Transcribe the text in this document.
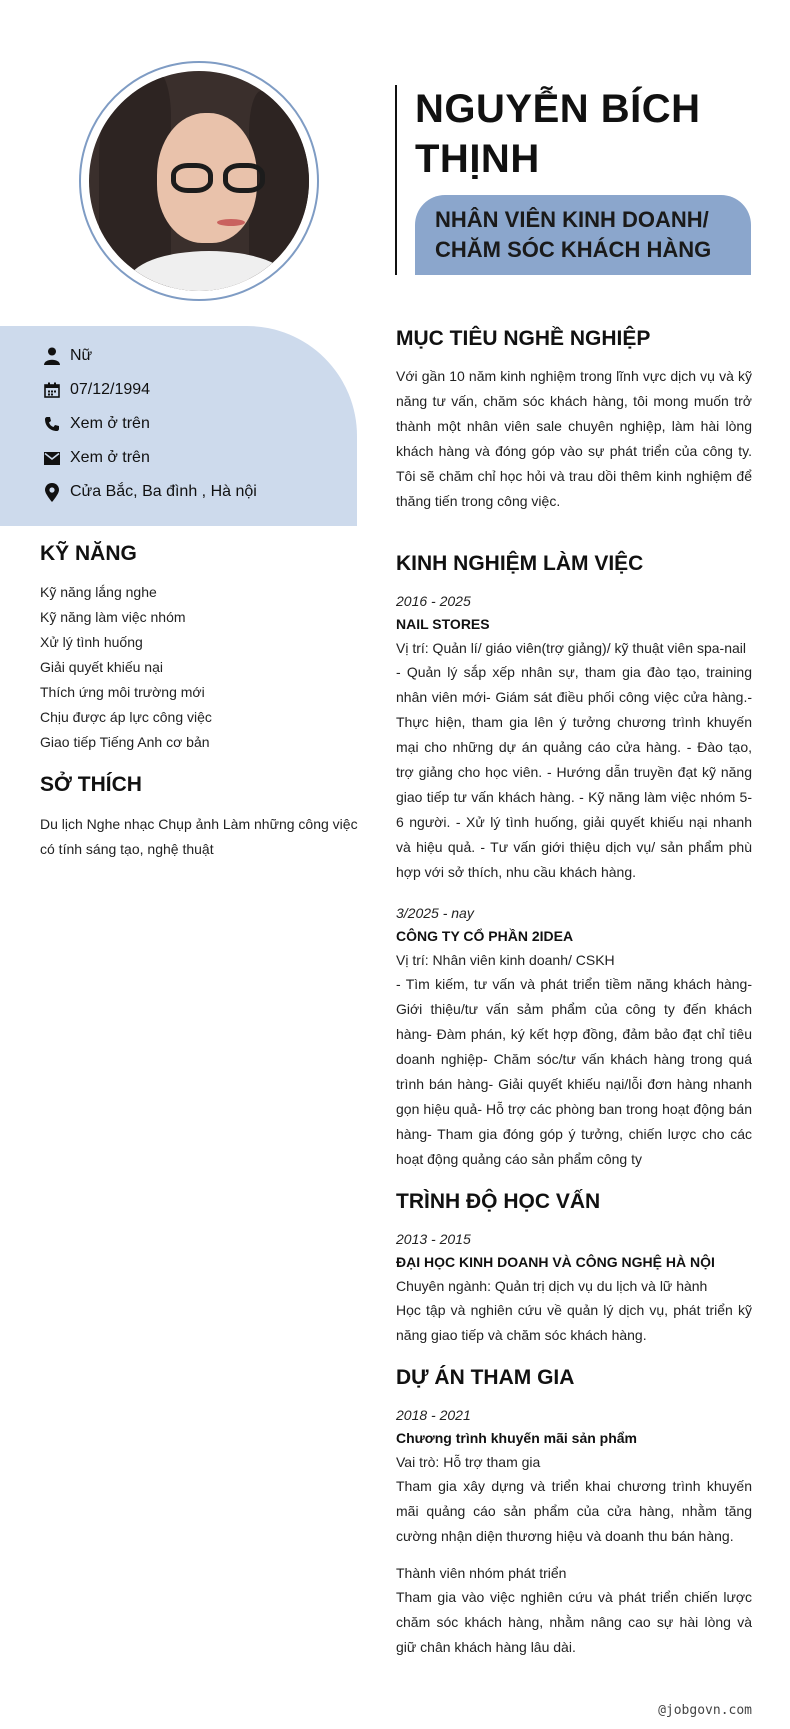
NGUYỄN BÍCH THỊNH
NHÂN VIÊN KINH DOANH/ CHĂM SÓC KHÁCH HÀNG
Nữ
07/12/1994
Xem ở trên
Xem ở trên
Cửa Bắc, Ba đình , Hà nội
KỸ NĂNG
Kỹ năng lắng nghe
Kỹ năng làm việc nhóm
Xử lý tình huống
Giải quyết khiếu nại
Thích ứng môi trường mới
Chịu được áp lực công việc
Giao tiếp Tiếng Anh cơ bản
SỞ THÍCH
Du lịch Nghe nhạc Chụp ảnh Làm những công việc có tính sáng tạo, nghệ thuật
MỤC TIÊU NGHỀ NGHIỆP
Với gần 10 năm kinh nghiệm trong lĩnh vực dịch vụ và kỹ năng tư vấn, chăm sóc khách hàng, tôi mong muốn trở thành một nhân viên sale chuyên nghiệp, làm hài lòng khách hàng và đóng góp vào sự phát triển của công ty. Tôi sẽ chăm chỉ học hỏi và trau dồi thêm kinh nghiệm để thăng tiến trong công việc.
KINH NGHIỆM LÀM VIỆC
2016 - 2025
NAIL STORES
Vị trí: Quản lí/ giáo viên(trợ giảng)/ kỹ thuật viên spa-nail
- Quản lý sắp xếp nhân sự, tham gia đào tạo, training nhân viên mới- Giám sát điều phối công việc cửa hàng.- Thực hiện, tham gia lên ý tưởng chương trình khuyến mại cho những dự án quảng cáo cửa hàng. - Đào tạo, trợ giảng cho học viên. - Hướng dẫn truyền đạt kỹ năng giao tiếp tư vấn khách hàng. - Kỹ năng làm việc nhóm 5-6 người. - Xử lý tình huống, giải quyết khiếu nại nhanh và hiệu quả. - Tư vấn giới thiệu dịch vụ/ sản phẩm phù hợp với sở thích, nhu cầu khách hàng.
3/2025 - nay
CÔNG TY CỔ PHẦN 2IDEA
Vị trí: Nhân viên kinh doanh/ CSKH
- Tìm kiếm, tư vấn và phát triển tiềm năng khách hàng- Giới thiệu/tư vấn sảm phẩm của công ty đến khách hàng- Đàm phán, ký kết hợp đồng, đảm bảo đạt chỉ tiêu doanh nghiệp- Chăm sóc/tư vấn khách hàng trong quá trình bán hàng- Giải quyết khiếu nại/lỗi đơn hàng nhanh gọn hiệu quả- Hỗ trợ các phòng ban trong hoạt động bán hàng- Tham gia đóng góp ý tưởng, chiến lược cho các hoạt động quảng cáo sản phẩm công ty
TRÌNH ĐỘ HỌC VẤN
2013 - 2015
ĐẠI HỌC KINH DOANH VÀ CÔNG NGHỆ HÀ NỘI
Chuyên ngành: Quản trị dịch vụ du lịch và lữ hành
Học tập và nghiên cứu về quản lý dịch vụ, phát triển kỹ năng giao tiếp và chăm sóc khách hàng.
DỰ ÁN THAM GIA
2018 - 2021
Chương trình khuyến mãi sản phẩm
Vai trò: Hỗ trợ tham gia
Tham gia xây dựng và triển khai chương trình khuyến mãi quảng cáo sản phẩm của cửa hàng, nhằm tăng cường nhận diện thương hiệu và doanh thu bán hàng.
Thành viên nhóm phát triển
Tham gia vào việc nghiên cứu và phát triển chiến lược chăm sóc khách hàng, nhằm nâng cao sự hài lòng và giữ chân khách hàng lâu dài.
@jobgovn.com
